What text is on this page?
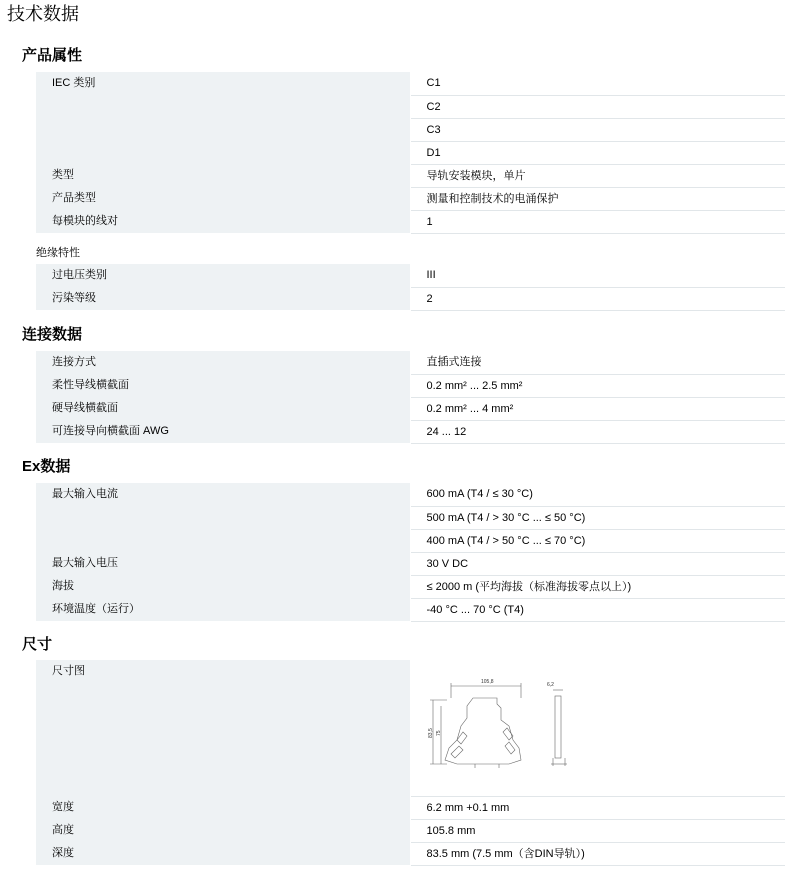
技术数据
产品属性
IEC 类别	C1
	C2
	C3
	D1
类型	导轨安装模块，单片
产品类型	测量和控制技术的电涌保护
每模块的线对	1
绝缘特性
过电压类别	III
污染等级	2
连接数据
连接方式	直插式连接
柔性导线横截面	0.2 mm² ... 2.5 mm²
硬导线横截面	0.2 mm² ... 4 mm²
可连接导向横截面 AWG	24 ... 12
Ex数据
最大输入电流	600 mA (T4 / ≤ 30 °C)
	500 mA (T4 / > 30 °C ... ≤ 50 °C)
	400 mA (T4 / > 50 °C ... ≤ 70 °C)
最大输入电压	30 V DC
海拔	≤ 2000 m (平均海拔（标准海拔零点以上）)
环境温度（运行）	-40 °C ... 70 °C (T4)
尺寸
尺寸图	105,8 6,2
83,5 75

宽度	6.2 mm +0.1 mm
高度	105.8 mm
深度	83.5 mm (7.5 mm（含DIN导轨）)
